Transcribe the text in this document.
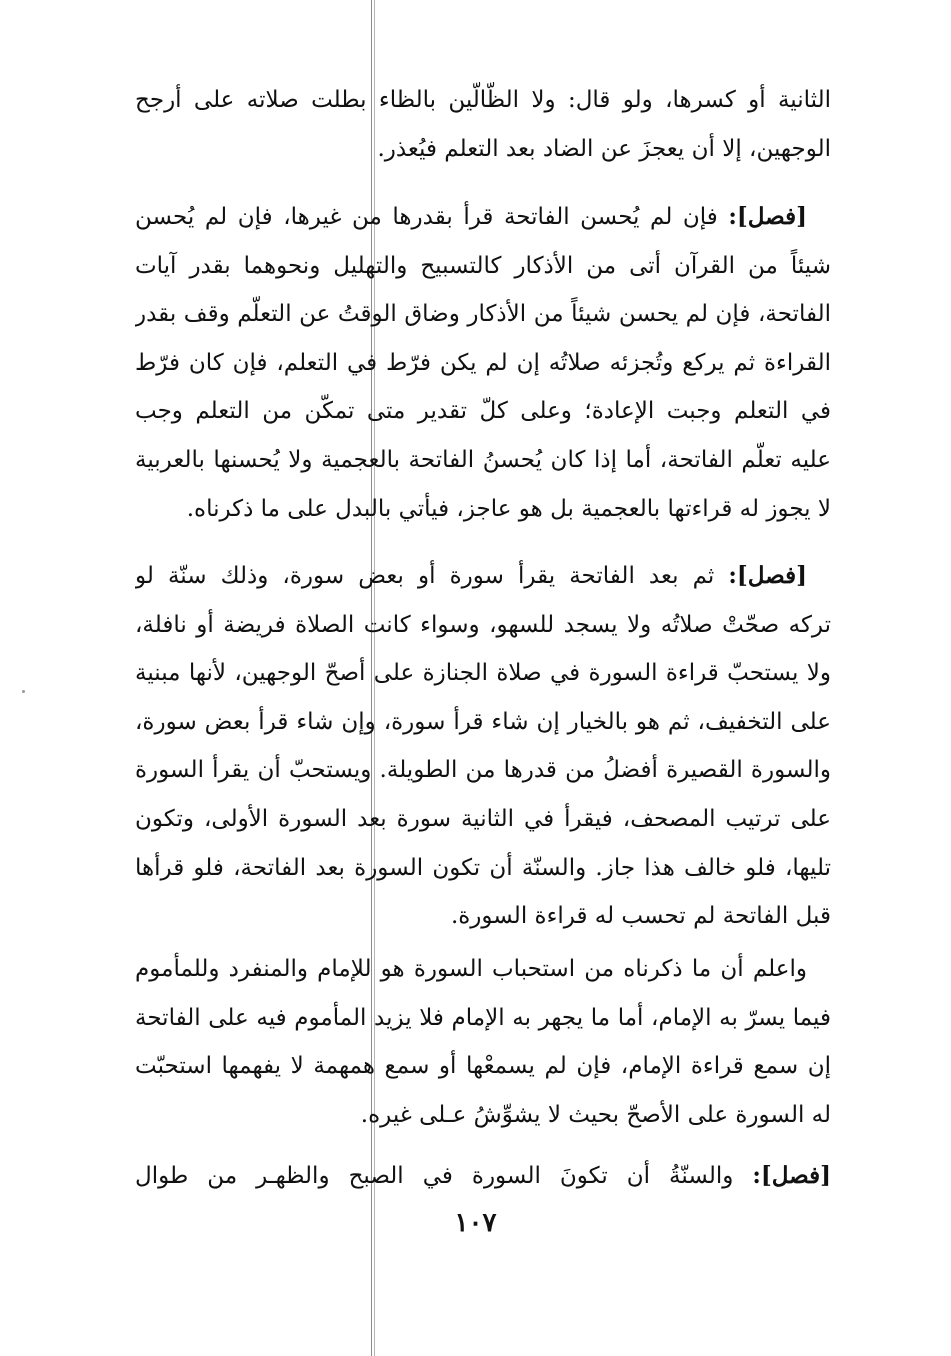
الثانية أو كسرها، ولو قال: ولا الظّالّين بالظاء بطلت صلاته على أرجح
الوجهين، إلا أن يعجزَ عن الضاد بعد التعلم فيُعذر.
[فصل]: فإن لم يُحسن الفاتحة قرأ بقدرها من غيرها، فإن لم يُحسن
شيئاً من القرآن أتى من الأذكار كالتسبيح والتهليل ونحوهما بقدر آيات
الفاتحة، فإن لم يحسن شيئاً من الأذكار وضاق الوقتُ عن التعلّم وقف بقدر
القراءة ثم يركع وتُجزئه صلاتُه إن لم يكن فرّط في التعلم، فإن كان فرّط
في التعلم وجبت الإعادة؛ وعلى كلّ تقدير متى تمكّن من التعلم وجب
عليه تعلّم الفاتحة، أما إذا كان يُحسنُ الفاتحة بالعجمية ولا يُحسنها بالعربية
لا يجوز له قراءتها بالعجمية بل هو عاجز، فيأتي بالبدل على ما ذكرناه.
[فصل]: ثم بعد الفاتحة يقرأ سورة أو بعض سورة، وذلك سنّة لو
تركه صحّتْ صلاتُه ولا يسجد للسهو، وسواء كانت الصلاة فريضة أو نافلة،
ولا يستحبّ قراءة السورة في صلاة الجنازة على أصحّ الوجهين، لأنها مبنية
على التخفيف، ثم هو بالخيار إن شاء قرأ سورة، وإن شاء قرأ بعض سورة،
والسورة القصيرة أفضلُ من قدرها من الطويلة. ويستحبّ أن يقرأ السورة
على ترتيب المصحف، فيقرأ في الثانية سورة بعد السورة الأولى، وتكون
تليها، فلو خالف هذا جاز. والسنّة أن تكون السورة بعد الفاتحة، فلو قرأها
قبل الفاتحة لم تحسب له قراءة السورة.
واعلم أن ما ذكرناه من استحباب السورة هو للإمام والمنفرد وللمأموم
فيما يسرّ به الإمام، أما ما يجهر به الإمام فلا يزيد المأموم فيه على الفاتحة
إن سمع قراءة الإمام، فإن لم يسمعْها أو سمع همهمة لا يفهمها استحبّت
له السورة على الأصحّ بحيث لا يشوِّشُ عـلى غيره.
[فصل]: والسنّةُ أن تكونَ السورة في الصبح والظهـر من طوال
١٠٧
